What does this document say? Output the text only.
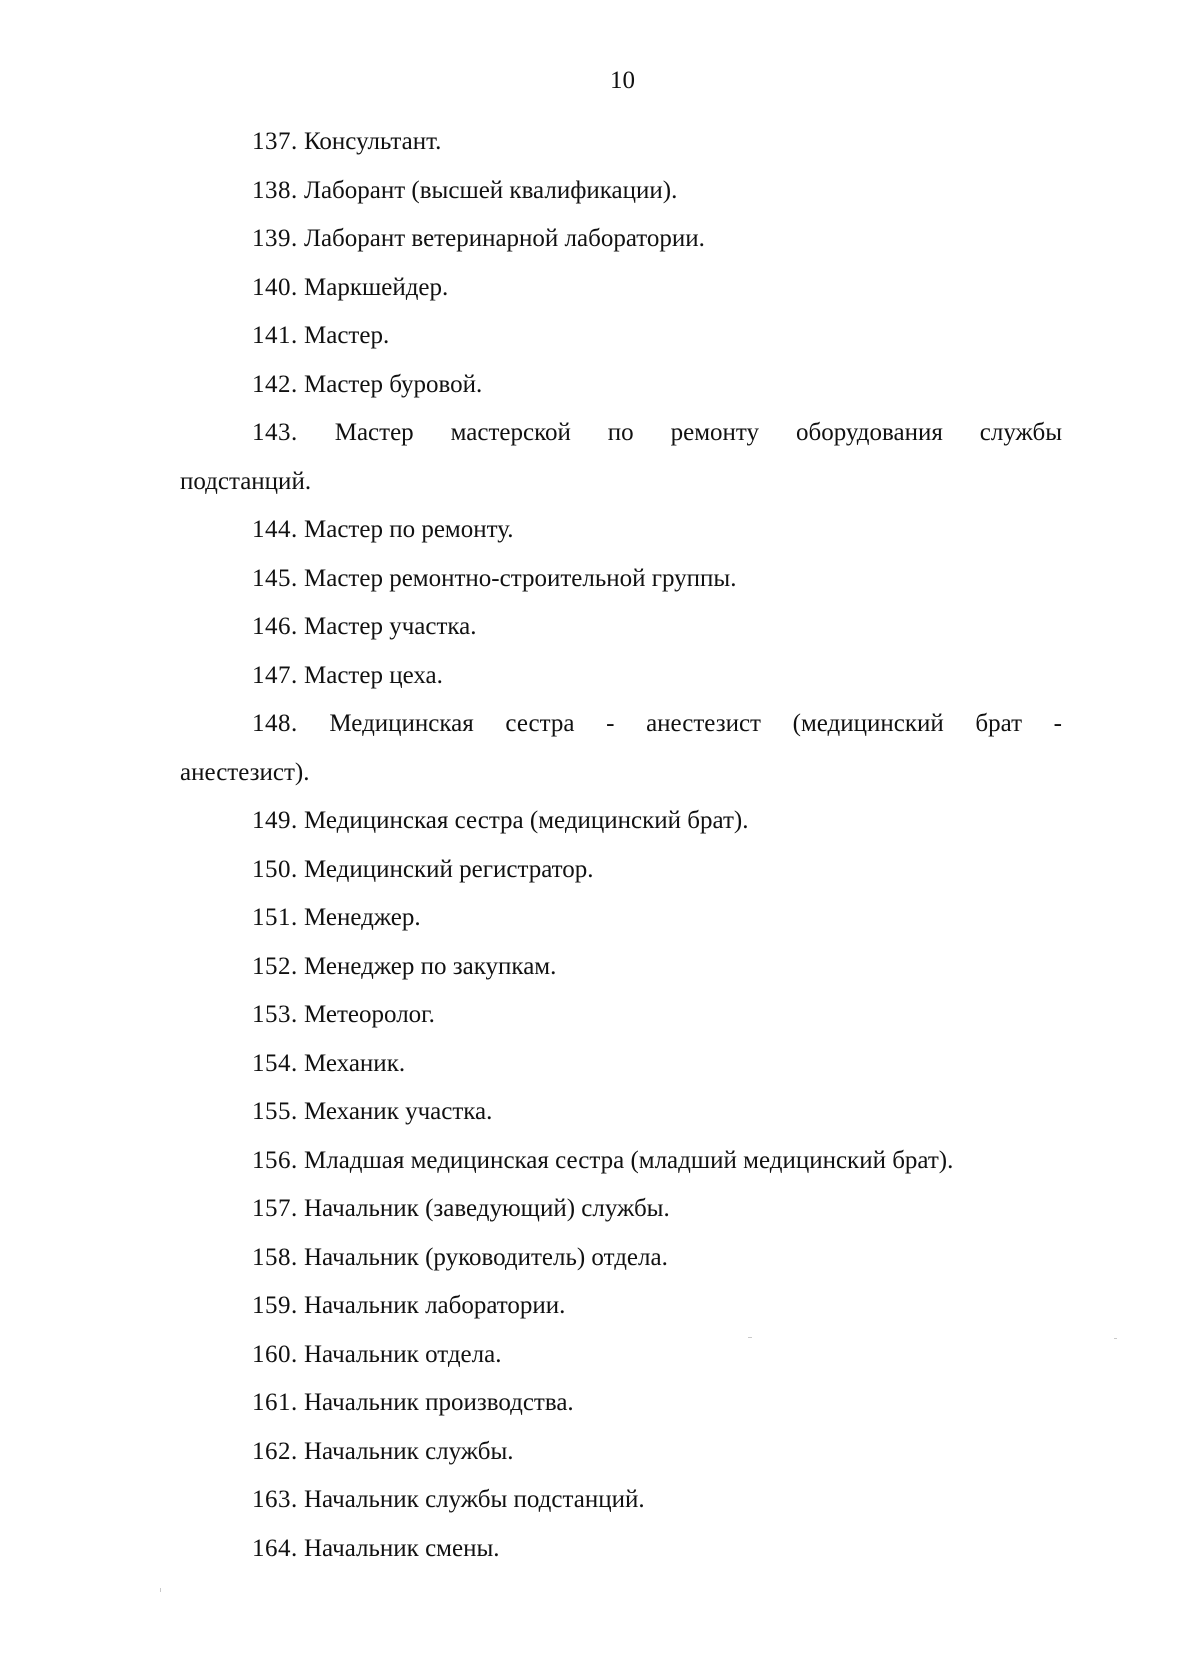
10
137. Консультант.
138. Лаборант (высшей квалификации).
139. Лаборант ветеринарной лаборатории.
140. Маркшейдер.
141. Мастер.
142. Мастер буровой.
143. Мастер мастерской по ремонту оборудования службы
подстанций.
144. Мастер по ремонту.
145. Мастер ремонтно-строительной группы.
146. Мастер участка.
147. Мастер цеха.
148. Медицинская сестра - анестезист (медицинский брат -
анестезист).
149. Медицинская сестра (медицинский брат).
150. Медицинский регистратор.
151. Менеджер.
152. Менеджер по закупкам.
153. Метеоролог.
154. Механик.
155. Механик участка.
156. Младшая медицинская сестра (младший медицинский брат).
157. Начальник (заведующий) службы.
158. Начальник (руководитель) отдела.
159. Начальник лаборатории.
160. Начальник отдела.
161. Начальник производства.
162. Начальник службы.
163. Начальник службы подстанций.
164. Начальник смены.
